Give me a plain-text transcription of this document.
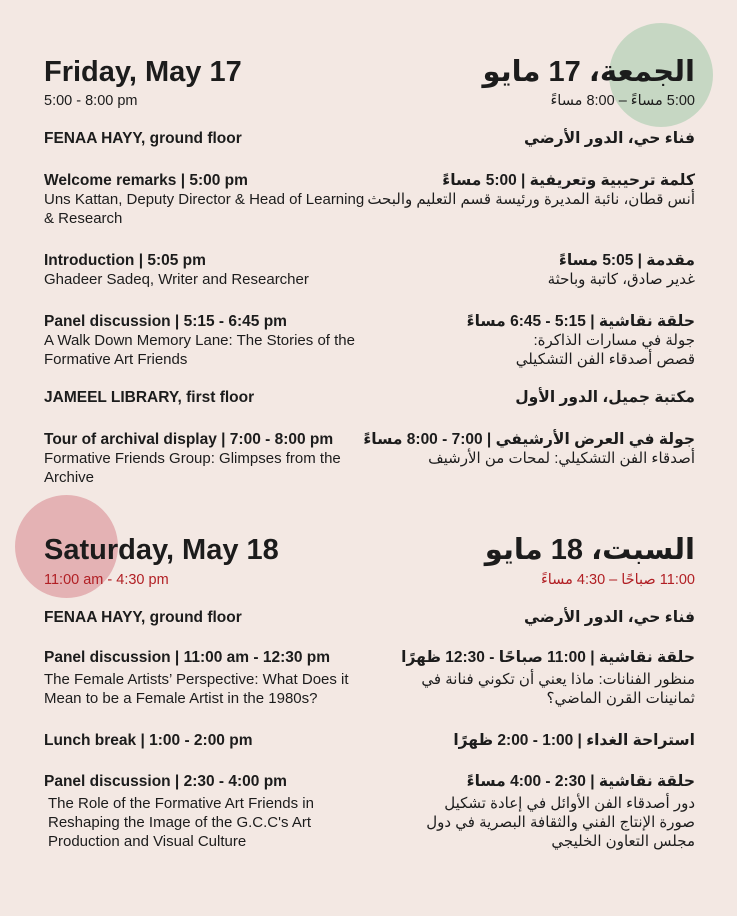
Friday, May 17
5:00 - 8:00 pm
FENAA HAYY, ground floor
Welcome remarks | 5:00 pm
Uns Kattan, Deputy Director & Head of Learning & Research
Introduction | 5:05 pm
Ghadeer Sadeq, Writer and Researcher
Panel discussion | 5:15 - 6:45 pm
A Walk Down Memory Lane: The Stories of the Formative Art Friends
JAMEEL LIBRARY, first floor
Tour of archival display | 7:00 - 8:00 pm
Formative Friends Group: Glimpses from the Archive
Saturday, May 18
11:00 am - 4:30 pm
FENAA HAYY, ground floor
Panel discussion | 11:00 am - 12:30 pm
The Female Artists’ Perspective: What Does it Mean to be a Female Artist in the 1980s?
Lunch break | 1:00 - 2:00 pm
Panel discussion | 2:30 - 4:00 pm
The Role of the Formative Art Friends in Reshaping the Image of the G.C.C's Art Production and Visual Culture
الجمعة، 17 مايو
5:00 مساءً – 8:00 مساءً
فناء حي، الدور الأرضي
كلمة ترحيبية وتعريفية | 5:00 مساءً
أنس قطان، نائبة المديرة ورئيسة قسم التعليم والبحث
مقدمة | 5:05 مساءً
غدير صادق، كاتبة وباحثة
حلقة نقاشية | 5:15 - 6:45 مساءً
جولة في مسارات الذاكرة: قصص أصدقاء الفن التشكيلي
مكتبة جميل، الدور الأول
جولة في العرض الأرشيفي | 7:00 - 8:00 مساءً
أصدقاء الفن التشكيلي: لمحات من الأرشيف
السبت، 18 مايو
11:00 صباحًا – 4:30 مساءً
فناء حي، الدور الأرضي
حلقة نقاشية | 11:00 صباحًا - 12:30 ظهرًا
منظور الفنانات: ماذا يعني أن تكوني فنانة في ثمانينات القرن الماضي؟
استراحة الغداء | 1:00 - 2:00 ظهرًا
حلقة نقاشية | 2:30 - 4:00 مساءً
دور أصدقاء الفن الأوائل في إعادة تشكيل صورة الإنتاج الفني والثقافة البصرية في دول مجلس التعاون الخليجي
